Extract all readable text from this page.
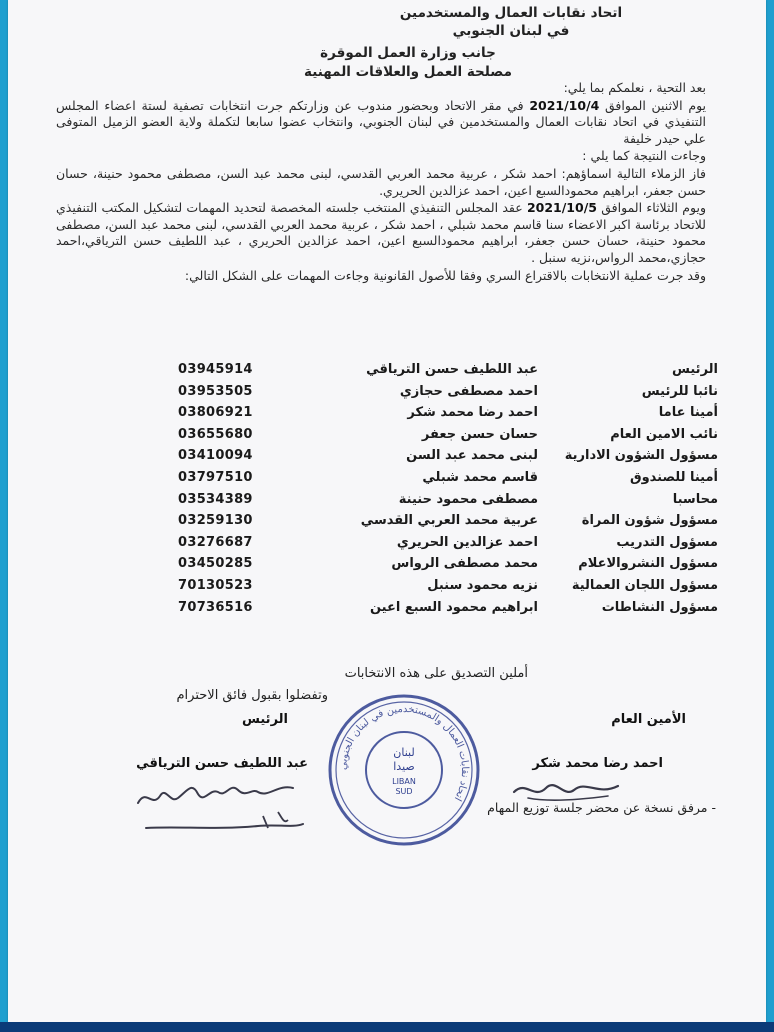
اتحاد نقابات العمال والمستخدمين
في لبنان الجنوبي
جانب وزارة العمل الموقرة
مصلحة العمل والعلاقات المهنية

بعد التحية ، نعلمكم بما يلي:

يوم الاثنين الموافق 2021/10/4 في مقر الاتحاد وبحضور مندوب عن وزارتكم جرت انتخابات تصفية لستة اعضاء المجلس التنفيذي في اتحاد نقابات العمال والمستخدمين في لبنان الجنوبي، وانتخاب عضوا سابعا لتكملة ولاية العضو الزميل المتوفى علي حيدر خليفة

وجاءت النتيجة كما يلي :

فاز الزملاء التالية اسماؤهم: احمد شكر ، عربية محمد العربي القدسي، لبنى محمد عبد السن، مصطفى محمود حنينة، حسان حسن جعفر، ابراهيم محمودالسبع اعين، احمد عزالدين الحريري.

ويوم الثلاثاء الموافق 2021/10/5 عقد المجلس التنفيذي المنتخب جلسته المخصصة لتحديد المهمات لتشكيل المكتب التنفيذي للاتحاد برئاسة اكبر الاعضاء سنا قاسم محمد شبلي ، احمد شكر ، عربية محمد العربي القدسي، لبنى محمد عبد السن، مصطفى محمود حنينة، حسان حسن جعفر، ابراهيم محمودالسبع اعين، احمد عزالدين الحريري ، عبد اللطيف حسن الترياقي،احمد حجازي،محمد الرواس،نزيه سنبل .

وقد جرت عملية الانتخابات بالاقتراع السري وفقا للأصول القانونية وجاءت المهمات على الشكل التالي:

الرئيس
عبد اللطيف حسن الترياقي
03945914
نائبا للرئيس
احمد مصطفى حجازي
03953505
أمينا عاما
احمد رضا محمد شكر
03806921
نائب الامين العام
حسان حسن جعفر
03655680
مسؤول الشؤون الادارية
لبنى محمد عبد السن
03410094
أمينا للصندوق
قاسم محمد شبلي
03797510
محاسبا
مصطفى محمود حنينة
03534389
مسؤول شؤون المراة
عربية محمد العربي القدسي
03259130
مسؤول التدريب
احمد عزالدين الحريري
03276687
مسؤول النشروالاعلام
محمد مصطفى الرواس
03450285
مسؤول اللجان العمالية
نزيه محمود سنبل
70130523
مسؤول النشاطات
ابراهيم محمود السبع اعين
70736516
أملين التصديق على هذه الانتخابات
وتفضلوا بقبول فائق الاحترام
الرئيس	الأمين العام
عبد اللطيف حسن الترياقي	احمد رضا محمد شكر
- مرفق نسخة عن محضر جلسة توزيع المهام
اتحاد نقابات العمال والمستخدمين في لبنان الجنوبي
لبنان
صيدا
LIBAN
SUD
